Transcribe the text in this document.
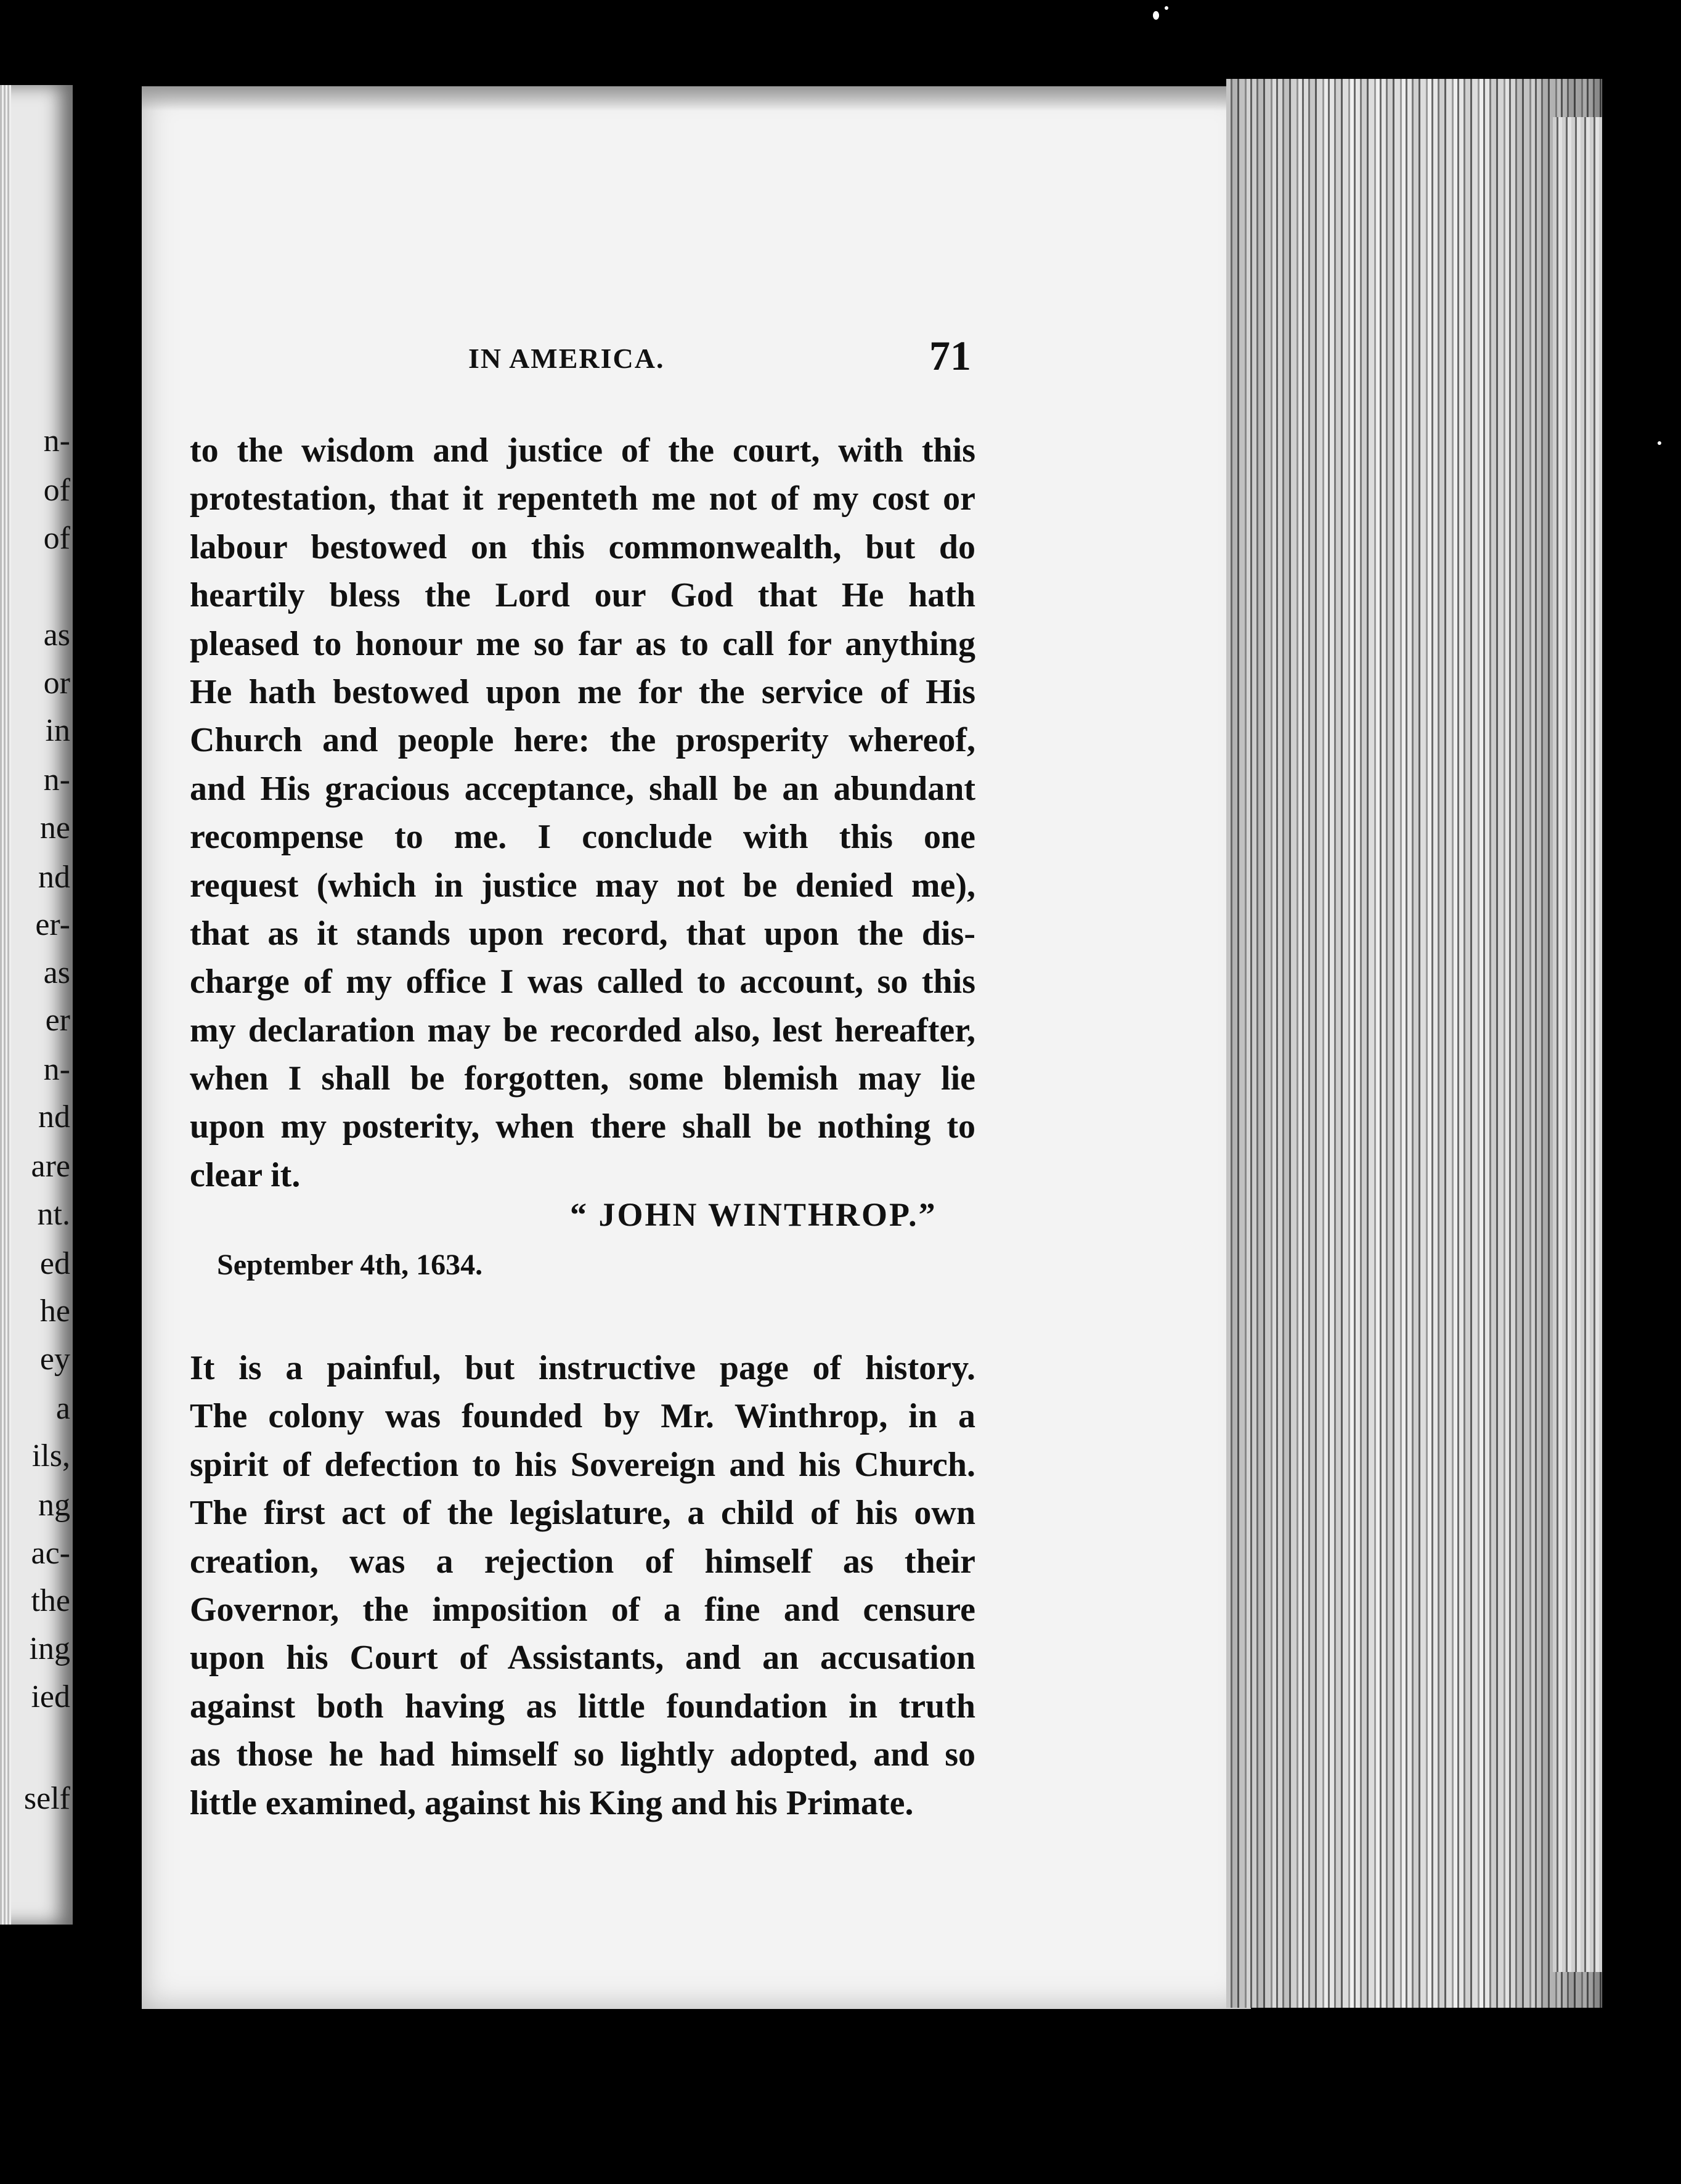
n-
of
of
as
or
in
n-
ne
nd
er-
as
er
n-
nd
are
nt.
ed
he
ey
a
ils,
ng
ac-
the
ing
ied
self
IN AMERICA.	71
to the wisdom and justice of the court, with this
protestation, that it repenteth me not of my cost or
labour bestowed on this commonwealth, but do
heartily bless the Lord our God that He hath
pleased to honour me so far as to call for anything
He hath bestowed upon me for the service of His
Church and people here: the prosperity whereof,
and His gracious acceptance, shall be an abundant
recompense to me. I conclude with this one
request (which in justice may not be denied me),
that as it stands upon record, that upon the dis-
charge of my office I was called to account, so this
my declaration may be recorded also, lest hereafter,
when I shall be forgotten, some blemish may lie
upon my posterity, when there shall be nothing to
clear it.
“ JOHN WINTHROP.”
September 4th, 1634.
It is a painful, but instructive page of history.
The colony was founded by Mr. Winthrop, in a
spirit of defection to his Sovereign and his Church.
The first act of the legislature, a child of his own
creation, was a rejection of himself as their
Governor, the imposition of a fine and censure
upon his Court of Assistants, and an accusation
against both having as little foundation in truth
as those he had himself so lightly adopted, and so
little examined, against his King and his Primate.
